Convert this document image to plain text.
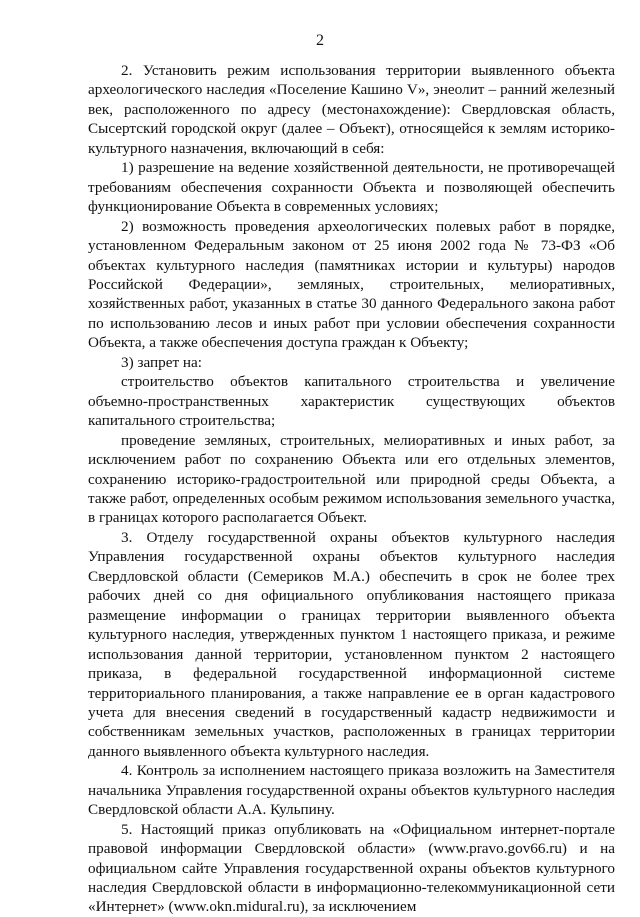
2

2. Установить режим использования территории выявленного объекта археологического наследия «Поселение Кашино V», энеолит – ранний железный век, расположенного по адресу (местонахождение): Свердловская область, Сысертский городской округ (далее – Объект), относящейся к землям историко-культурного назначения, включающий в себя:

1) разрешение на ведение хозяйственной деятельности, не противоречащей требованиям обеспечения сохранности Объекта и позволяющей обеспечить функционирование Объекта в современных условиях;

2) возможность проведения археологических полевых работ в порядке, установленном Федеральным законом от 25 июня 2002 года № 73-ФЗ «Об объектах культурного наследия (памятниках истории и культуры) народов Российской Федерации», земляных, строительных, мелиоративных, хозяйственных работ, указанных в статье 30 данного Федерального закона работ по использованию лесов и иных работ при условии обеспечения сохранности Объекта, а также обеспечения доступа граждан к Объекту;

3) запрет на:

строительство объектов капитального строительства и увеличение объемно-пространственных характеристик существующих объектов капитального строительства;

проведение земляных, строительных, мелиоративных и иных работ, за исключением работ по сохранению Объекта или его отдельных элементов, сохранению историко-градостроительной или природной среды Объекта, а также работ, определенных особым режимом использования земельного участка, в границах которого располагается Объект.

3. Отделу государственной охраны объектов культурного наследия Управления государственной охраны объектов культурного наследия Свердловской области (Семериков М.А.) обеспечить в срок не более трех рабочих дней со дня официального опубликования настоящего приказа размещение информации о границах территории выявленного объекта культурного наследия, утвержденных пунктом 1 настоящего приказа, и режиме использования данной территории, установленном пунктом 2 настоящего приказа, в федеральной государственной информационной системе территориального планирования, а также направление ее в орган кадастрового учета для внесения сведений в государственный кадастр недвижимости и собственникам земельных участков, расположенных в границах территории данного выявленного объекта культурного наследия.

4. Контроль за исполнением настоящего приказа возложить на Заместителя начальника Управления государственной охраны объектов культурного наследия Свердловской области А.А. Кульпину.

5. Настоящий приказ опубликовать на «Официальном интернет-портале правовой информации Свердловской области» (www.pravo.gov66.ru) и на официальном сайте Управления государственной охраны объектов культурного наследия Свердловской области в информационно-телекоммуникационной сети «Интернет» (www.okn.midural.ru), за исключением
